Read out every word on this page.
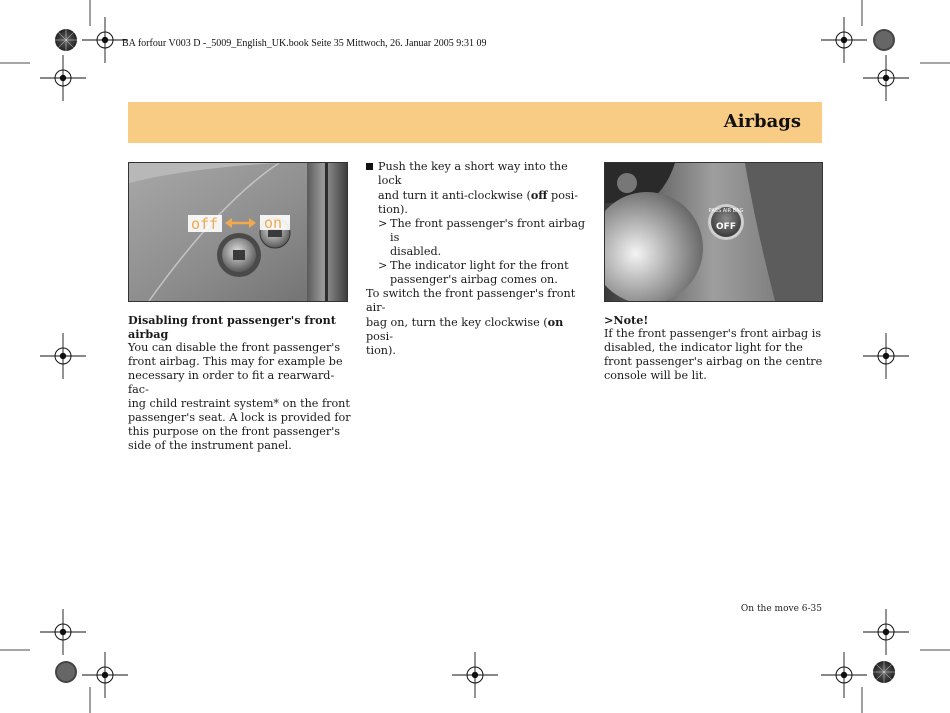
BA forfour V003 D -_5009_English_UK.book Seite 35 Mittwoch, 26. Januar 2005 9:31 09
Airbags
off	on
PASS AIR BAG
OFF

Disabling front passenger's front airbag

You can disable the front passenger's

front airbag. This may for example be

necessary in order to fit a rearward-fac-

ing child restraint system* on the front

passenger's seat. A lock is provided for

this purpose on the front passenger's

side of the instrument panel.

Push the key a short way into the lock
and turn it anti-clockwise (off posi-
tion).
> The front passenger's front airbag is
disabled.
> The indicator light for the front
passenger's airbag comes on.
To switch the front passenger's front air-
bag on, turn the key clockwise (on posi-
tion).

>Note!

If the front passenger's front airbag is

disabled, the indicator light for the

front passenger's airbag on the centre

console will be lit.

On the move 6-35
